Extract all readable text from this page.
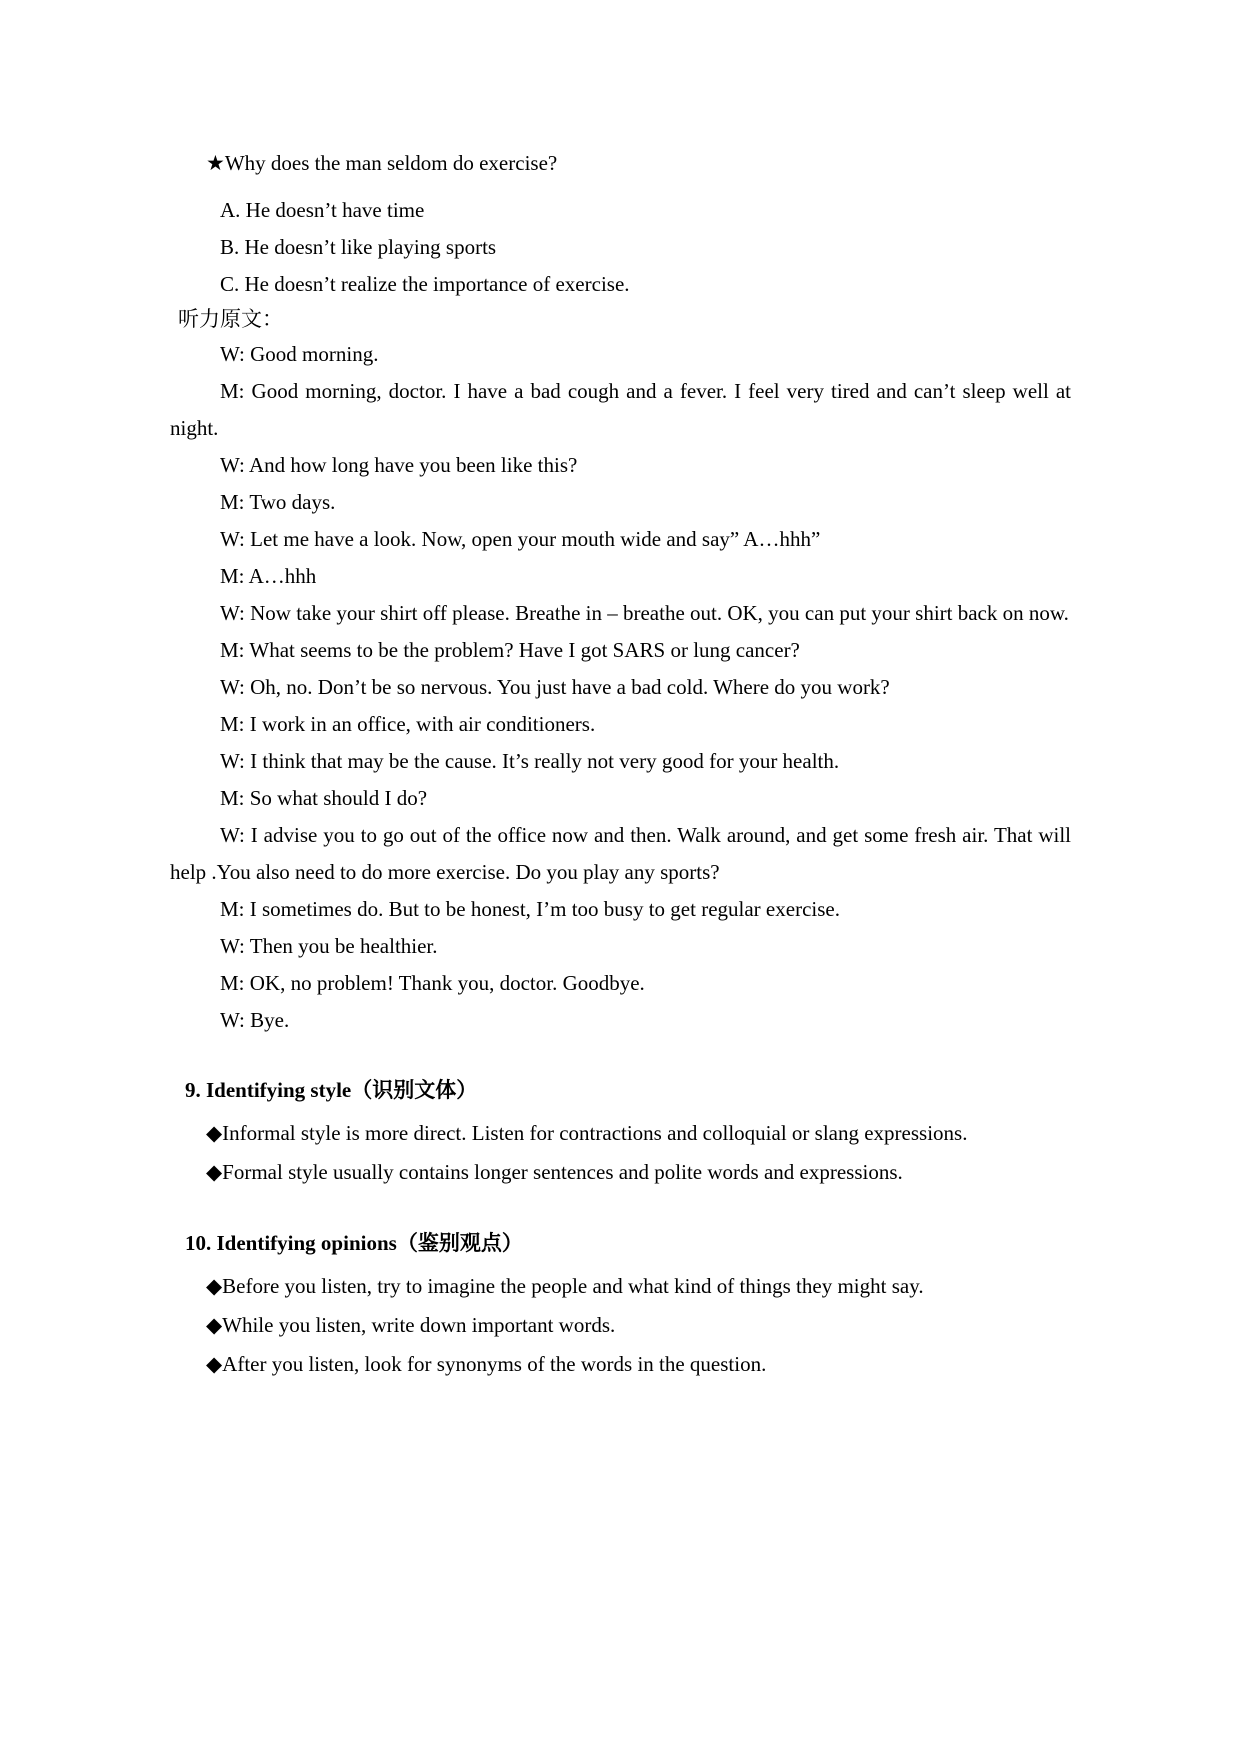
★Why does the man seldom do exercise?

A. He doesn’t have time

B. He doesn’t like playing sports

C. He doesn’t realize the importance of exercise.

听力原文：

W: Good morning.

M: Good morning, doctor. I have a bad cough and a fever. I feel very tired and can’t sleep well at night.

W: And how long have you been like this?

M: Two days.

W: Let me have a look. Now, open your mouth wide and say” A…hhh”

M: A…hhh

W: Now take your shirt off please. Breathe in – breathe out. OK, you can put your shirt back on now.

M: What seems to be the problem? Have I got SARS or lung cancer?

W: Oh, no. Don’t be so nervous. You just have a bad cold. Where do you work?

M: I work in an office, with air conditioners.

W: I think that may be the cause. It’s really not very good for your health.

M: So what should I do?

W: I advise you to go out of the office now and then. Walk around, and get some fresh air. That will help .You also need to do more exercise. Do you play any sports?

M: I sometimes do. But to be honest, I’m too busy to get regular exercise.

W: Then you be healthier.

M: OK, no problem! Thank you, doctor. Goodbye.

W: Bye.

9. Identifying style（识别文体）

◆Informal style is more direct. Listen for contractions and colloquial or slang expressions.

◆Formal style usually contains longer sentences and polite words and expressions.

10. Identifying opinions（鉴别观点）

◆Before you listen, try to imagine the people and what kind of things they might say.

◆While you listen, write down important words.

◆After you listen, look for synonyms of the words in the question.
